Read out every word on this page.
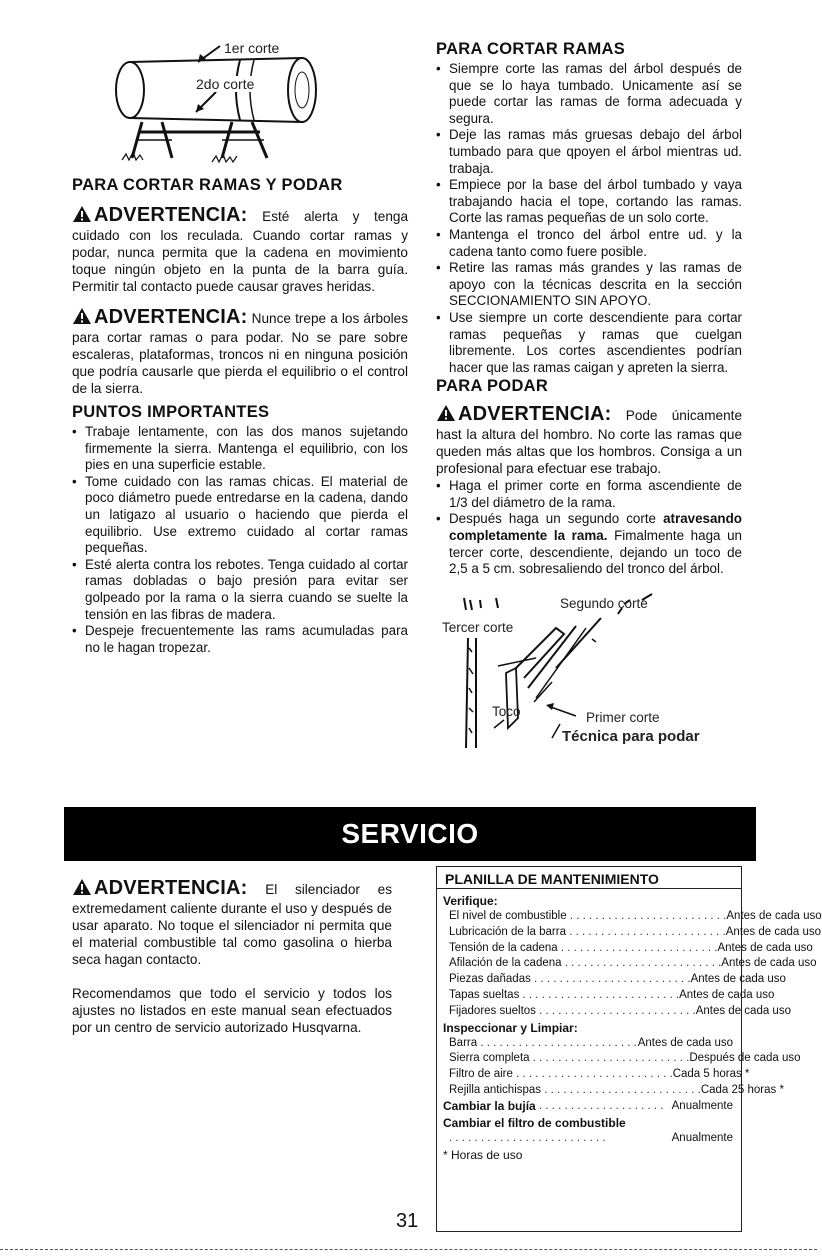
1er corte
2do corte
PARA CORTAR RAMAS Y PODAR
ADVERTENCIA: Esté alerta y tenga cuidado con los reculada. Cuando cortar ramas y podar, nunca permita que la cadena en movimiento toque ningún objeto en la punta de la barra guía. Permitir tal contacto puede causar graves heridas.
ADVERTENCIA: Nunce trepe a los árboles para cortar ramas o para podar. No se pare sobre escaleras, plataformas, troncos ni en ninguna posición que podría causarle que pierda el equilibrio o el control de la sierra.
PUNTOS IMPORTANTES
• Trabaje lentamente, con las dos manos sujetando firmemente la sierra. Mantenga el equilibrio, con los pies en una superficie estable.
• Tome cuidado con las ramas chicas. El material de poco diámetro puede entredarse en la cadena, dando un latigazo al usuario o haciendo que pierda el equilibrio. Use extremo cuidado al cortar ramas pequeñas.
• Esté alerta contra los rebotes. Tenga cuidado al cortar ramas dobladas o bajo presión para evitar ser golpeado por la rama o la sierra cuando se suelte la tensión en las fibras de madera.
• Despeje frecuentemente las rams acumuladas para no le hagan tropezar.
PARA CORTAR RAMAS
• Siempre corte las ramas del árbol después de que se lo haya tumbado. Unicamente así se puede cortar las ramas de forma adecuada y segura.
• Deje las ramas más gruesas debajo del árbol tumbado para que qpoyen el árbol mientras ud. trabaja.
• Empiece por la base del árbol tumbado y vaya trabajando hacia el tope, cortando las ramas. Corte las ramas pequeñas de un solo corte.
• Mantenga el tronco del árbol entre ud. y la cadena tanto como fuere posible.
• Retire las ramas más grandes y las ramas de apoyo con la técnicas descrita en la sección SECCIONAMIENTO SIN APOYO.
• Use siempre un corte descendiente para cortar ramas pequeñas y ramas que cuelgan libremente. Los cortes ascendientes podrían hacer que las ramas caigan y apreten la sierra.
PARA PODAR
ADVERTENCIA: Pode únicamente hast la altura del hombro. No corte las ramas que queden más altas que los hombros. Consiga a un profesional para efectuar ese trabajo.
• Haga el primer corte en forma ascendiente de 1/3 del diámetro de la rama.
• Después haga un segundo corte atravesando completamente la rama. Fimalmente haga un tercer corte, descendiente, dejando un toco de 2,5 a 5 cm. sobresaliendo del tronco del árbol.
Segundo corte
Tercer corte
Toco	Primer corte
Técnica para podar
SERVICIO
ADVERTENCIA: El silenciador es extremedament caliente durante el uso y después de usar aparato. No toque el silenciador ni permita que el material combustible tal como gasolina o hierba seca hagan contacto.

Recomendamos que todo el servicio y todos los ajustes no listados en este manual sean efectuados por un centro de servicio autorizado Husqvarna.

PLANILLA DE MANTENIMIENTO
Verifique:
El nivel de combustible . . . . . . . . . . . . . . . . . . . . . . . . . Antes de cada uso
Lubricación de la barra . . . . . . . . . . . . . . . . . . . . . . . . . Antes de cada uso
Tensión de la cadena . . . . . . . . . . . . . . . . . . . . . . . . . Antes de cada uso
Afilación de la cadena . . . . . . . . . . . . . . . . . . . . . . . . . Antes de cada uso
Piezas dañadas . . . . . . . . . . . . . . . . . . . . . . . . . Antes de cada uso
Tapas sueltas . . . . . . . . . . . . . . . . . . . . . . . . . Antes de cada uso
Fijadores sueltos . . . . . . . . . . . . . . . . . . . . . . . . . Antes de cada uso
Inspeccionar y Limpiar:
Barra . . . . . . . . . . . . . . . . . . . . . . . . . Antes de cada uso
Sierra completa . . . . . . . . . . . . . . . . . . . . . . . . . Después de cada uso
Filtro de aire . . . . . . . . . . . . . . . . . . . . . . . . . Cada 5 horas *
Rejilla antichispas . . . . . . . . . . . . . . . . . . . . . . . . . Cada 25 horas *
Cambiar la bujía . . . . . . . . . . . . . . . . . . . . Anualmente
Cambiar el filtro de combustible
. . . . . . . . . . . . . . . . . . . . . . . . .	Anualmente
* Horas de uso
31
